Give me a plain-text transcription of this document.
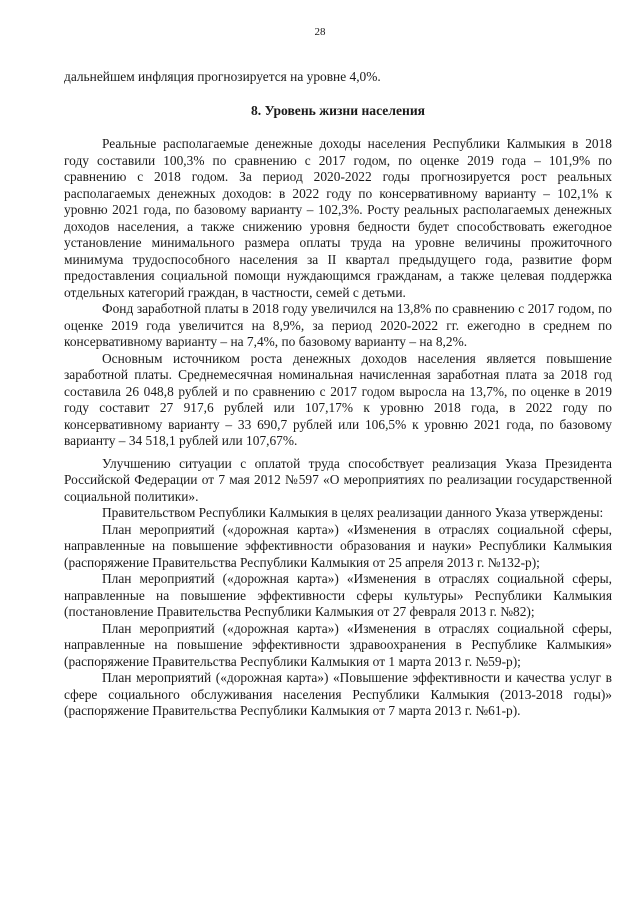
28

дальнейшем инфляция прогнозируется на уровне 4,0%.

8. Уровень жизни населения

Реальные располагаемые денежные доходы населения Республики Калмыкия в 2018 году составили 100,3% по сравнению с 2017 годом, по оценке 2019 года – 101,9% по сравнению с 2018 годом. За период 2020-2022 годы прогнозируется рост реальных располагаемых денежных доходов: в 2022 году по консервативному варианту – 102,1% к уровню 2021 года, по базовому варианту – 102,3%. Росту реальных располагаемых денежных доходов населения, а также снижению уровня бедности будет способствовать ежегодное установление минимального размера оплаты труда на уровне величины прожиточного минимума трудоспособного населения за II квартал предыдущего года, развитие форм предоставления социальной помощи нуждающимся гражданам, а также целевая поддержка отдельных категорий граждан, в частности, семей с детьми.

Фонд заработной платы в 2018 году увеличился на 13,8% по сравнению с 2017 годом, по оценке 2019 года увеличится на 8,9%, за период 2020-2022 гг. ежегодно в среднем по консервативному варианту – на 7,4%, по базовому варианту – на 8,2%.

Основным источником роста денежных доходов населения является повышение заработной платы. Среднемесячная номинальная начисленная заработная плата за 2018 год составила 26 048,8 рублей и по сравнению с 2017 годом выросла на 13,7%, по оценке в 2019 году составит 27 917,6 рублей или 107,17% к уровню 2018 года, в 2022 году по консервативному варианту – 33 690,7 рублей или 106,5% к уровню 2021 года, по базовому варианту – 34 518,1 рублей или 107,67%.

Улучшению ситуации с оплатой труда способствует реализация Указа Президента Российской Федерации от 7 мая 2012 №597 «О мероприятиях по реализации государственной социальной политики».

Правительством Республики Калмыкия в целях реализации данного Указа утверждены:

План мероприятий («дорожная карта») «Изменения в отраслях социальной сферы, направленные на повышение эффективности образования и науки» Республики Калмыкия (распоряжение Правительства Республики Калмыкия от 25 апреля 2013 г. №132-р);

План мероприятий («дорожная карта») «Изменения в отраслях социальной сферы, направленные на повышение эффективности сферы культуры» Республики Калмыкия (постановление Правительства Республики Калмыкия от 27 февраля 2013 г. №82);

План мероприятий («дорожная карта») «Изменения в отраслях социальной сферы, направленные на повышение эффективности здравоохранения в Республике Калмыкия» (распоряжение Правительства Республики Калмыкия от 1 марта 2013 г. №59-р);

План мероприятий («дорожная карта») «Повышение эффективности и качества услуг в сфере социального обслуживания населения Республики Калмыкия (2013-2018 годы)» (распоряжение Правительства Республики Калмыкия от 7 марта 2013 г. №61-р).
